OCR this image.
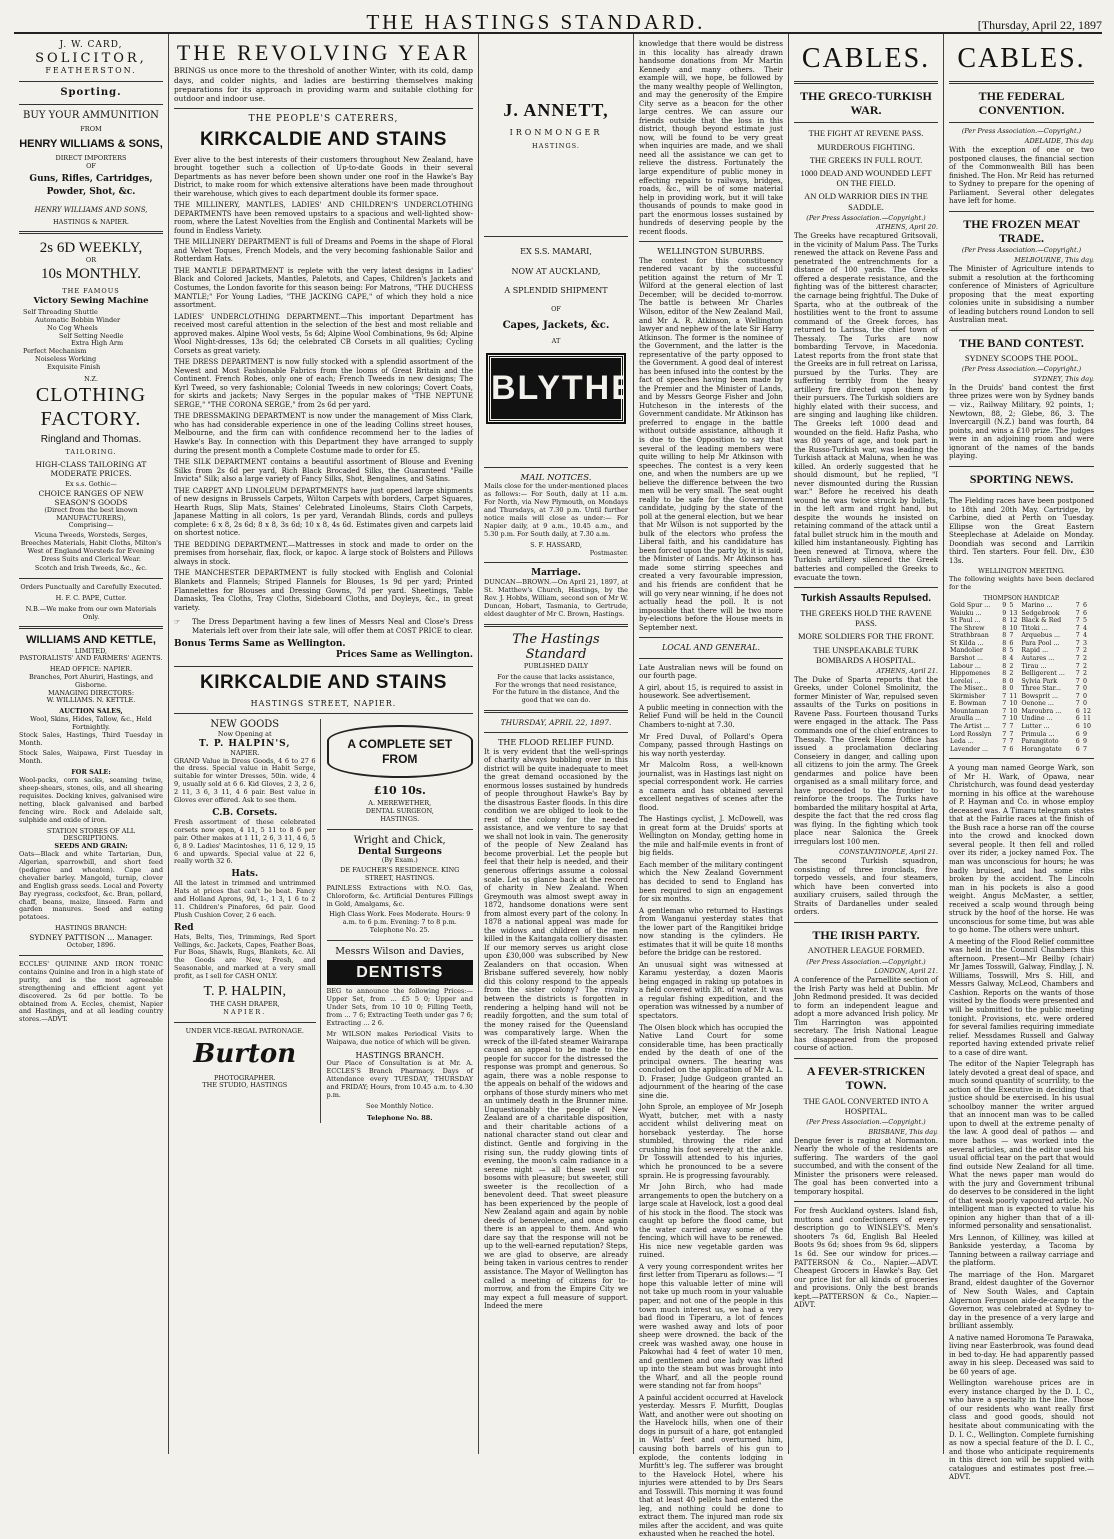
THE HASTINGS STANDARD.	[Thursday, April 22, 1897
J. W. CARD,
SOLICITOR,
FEATHERSTON.
Sporting.
BUY YOUR AMMUNITION
FROM
HENRY WILLIAMS & SONS,
DIRECT IMPORTERS
OF
Guns, Rifles, Cartridges,
Powder, Shot, &c.
HENRY WILLIAMS AND SONS,
HASTINGS & NAPIER.
2s 6D WEEKLY,
OR
10s MONTHLY.
THE FAMOUS
Victory Sewing Machine
Self Threading Shuttle
Automatic Bobbin Winder
No Cog Wheels
Self Setting Needle
Extra High Arm
Perfect Mechanism
Noiseless Working
Exquisite Finish
N.Z.
CLOTHING
FACTORY.
Ringland and Thomas.
TAILORING.
HIGH-CLASS TAILORING AT MODERATE PRICES.
Ex s.s. Gothic—
CHOICE RANGES OF NEW SEASON'S GOODS
(Direct from the best known MANUFACTURERS),
Comprising—
Vicuna Tweeds, Worsteds, Serges, Breeches Materials, Habit Cloths, Milton's West of England Worsteds for Evening Dress Suits and Clerical Wear.
Scotch and Irish Tweeds, &c., &c.
Orders Punctually and Carefully Executed.
H. F. C. PAPE, Cutter.
N.B.—We make from our own Materials Only.
WILLIAMS AND KETTLE,
LIMITED,
PASTORALISTS' AND FARMERS' AGENTS.
HEAD OFFICE: NAPIER.
Branches, Port Ahuriri, Hastings, and Gisborne.
MANAGING DIRECTORS:
W. WILLIAMS. N. KETTLE.
AUCTION SALES,
Wool, Skins, Hides, Tallow, &c., Held Fortnightly.
Stock Sales, Hastings, Third Tuesday in Month.
Stock Sales, Waipawa, First Tuesday in Month.
FOR SALE:
Wool-packs, corn sacks, seaming twine, sheep-shears, stones, oils, and all shearing requisites. Docking knives, galvanised wire netting, black galvanised and barbed fencing wire. Rock and Adelaide salt, sulphide and oxide of iron.
STATION STORES OF ALL DESCRIPTIONS.
SEEDS AND GRAIN:
Oats—Black and white Tartarian, Dun, Algerian, sparrowbill, and short feed (pedigree and wheaten). Cape and chevalier barley. Mangold, turnip, clover and English grass seeds. Local and Poverty Bay ryegrass, cocksfoot, &c. Bran, pollard, chaff, beans, maize, linseed. Farm and garden manures. Seed and eating potatoes.
HASTINGS BRANCH:
SYDNEY PATTISON ... Manager.
October, 1896.
ECCLES' QUININE AND IRON TONIC contains Quinine and Iron in a high state of purity, and is the most agreeable strengthening and efficient agent yet discovered. 2s 6d per bottle. To be obtained from A. Eccles, chemist, Napier and Hastings, and at all leading country stores.—ADVT.
THE REVOLVING YEAR
BRINGS us once more to the threshold of another Winter, with its cold, damp days, and colder nights, and ladies are bestirring themselves making preparations for its approach in providing warm and suitable clothing for outdoor and indoor use.
THE PEOPLE'S CATERERS,
KIRKCALDIE AND STAINS
Ever alive to the best interests of their customers throughout New Zealand, have brought together such a collection of Up-to-date Goods in their several Departments as has never before been shown under one roof in the Hawke's Bay District, to make room for which extensive alterations have been made throughout their warehouse, which gives to each department double its former space.
THE MILLINERY, MANTLES, LADIES' AND CHILDREN'S UNDERCLOTHING DEPARTMENTS have been removed upstairs to a spacious and well-lighted show-room, where the Latest Novelties from the English and Continental Markets will be found in Endless Variety.
THE MILLINERY DEPARTMENT is full of Dreams and Poems in the shape of Floral and Velvet Toques, French Models, and the very becoming fashionable Sailor and Rotterdam Hats.
THE MANTLE DEPARTMENT is replete with the very latest designs in Ladies' Black and Colored Jackets, Mantles, Paletots, and Capes, Children's Jackets and Costumes, the London favorite for this season being: For Matrons, "THE DUCHESS MANTLE;" For Young Ladies, "THE JACKING CAPE," of which they hold a nice assortment.
LADIES' UNDERCLOTHING DEPARTMENT.—This important Department has received most careful attention in the selection of the best and most reliable and approved makes. Alpine Wool vests, 5s 6d; Alpine Wool Combinations, 9s 6d; Alpine Wool Night-dresses, 13s 6d; the celebrated CB Corsets in all qualities; Cycling Corsets as great variety.
THE DRESS DEPARTMENT is now fully stocked with a splendid assortment of the Newest and Most Fashionable Fabrics from the looms of Great Britain and the Continent. French Robes, only one of each; French Tweeds in new designs; The Kyrl Tweed, so very fashionable; Colonial Tweeds in new colorings; Covert Coats, for skirts and jackets; Navy Serges in the popular makes of "THE NEPTUNE SERGE," "THE CORONA SERGE," from 2s 6d per yard.
THE DRESSMAKING DEPARTMENT is now under the management of Miss Clark, who has had considerable experience in one of the leading Collins street houses, Melbourne, and the firm can with confidence recommend her to the ladies of Hawke's Bay. In connection with this Department they have arranged to supply during the present month a Complete Costume made to order for £5.
THE SILK DEPARTMENT contains a beautiful assortment of Blouse and Evening Silks from 2s 6d per yard, Rich Black Brocaded Silks, the Guaranteed "Faille Invicta" Silk; also a large variety of Fancy Silks, Shot, Bengalines, and Satins.
THE CARPET AND LINOLEUM DEPARTMENTS have just opened large shipments of new designs in Brussels Carpets, Wilton Carpets with borders, Carpet Squares, Hearth Rugs, Slip Mats, Staines' Celebrated Linoleums, Stairs Cloth Carpets, Japanese Matting in all colors, 1s per yard, Verandah Blinds, cords and pulleys complete: 6 x 8, 2s 6d; 8 x 8, 3s 6d; 10 x 8, 4s 6d. Estimates given and carpets laid on shortest notice.
THE BEDDING DEPARTMENT.—Mattresses in stock and made to order on the premises from horsehair, flax, flock, or kapoc. A large stock of Bolsters and Pillows always in stock.
THE MANCHESTER DEPARTMENT is fully stocked with English and Colonial Blankets and Flannels; Striped Flannels for Blouses, 1s 9d per yard; Printed Flannelettes for Blouses and Dressing Gowns, 7d per yard. Sheetings, Table Damasks, Tea Cloths, Tray Cloths, Sideboard Cloths, and Doyleys, &c., in great variety.
☞ The Dress Department having a few lines of Messrs Neal and Close's Dress Materials left over from their late sale, will offer them at COST PRICE to clear.
Bonus Terms Same as Wellington.
Prices Same as Wellington.
KIRKCALDIE AND STAINS
HASTINGS STREET, NAPIER.
NEW GOODS
Now Opening at
T. P. HALPIN'S,
NAPIER.
GRAND Value in Dress Goods, 4 6 to 27 6 the dress. Special value in Habit Serge, suitable for winter Dresses, 50in. wide, 4 9, usually sold at 6 6. Kid Gloves, 2 3, 2 6, 2 11, 3 6, 3 11, 4 6 pair. Best value in Gloves ever offered. Ask to see them.
C.B. Corsets.
Fresh assortment of these celebrated corsets now open, 4 11, 5 11 to 8 6 per pair. Other makes at 1 11, 2 6, 3 11, 4 6, 5 6, 8 9. Ladies' Macintoshes, 11 6, 12 9, 15 6 and upwards. Special value at 22 6, really worth 32 6.
Hats.
All the latest in trimmed and untrimmed Hats at prices that can't be beat. Fancy and Holland Aprons, 9d, 1-, 1 3, 1 6 to 2 11. Children's Pinafores, 6d pair. Good Plush Cushion Cover, 2 6 each.
Red
Hats, Belts, Ties, Trimmings, Red Sport Vellings, &c. Jackets, Capes, Feather Boas, Fur Boas, Shawls, Rugs, Blankets, &c. All the Goods are New, Fresh, and Seasonable, and marked at a very small profit, as I sell for CASH ONLY.
T. P. HALPIN,
THE CASH DRAPER,
NAPIER.
UNDER VICE-REGAL PATRONAGE.
Burton
PHOTOGRAPHER.
THE STUDIO, HASTINGS
A COMPLETE SET FROM
£10 10s.
A. MEREWETHER,
DENTAL SURGEON,
HASTINGS.
Wright and Chick,
Dental Surgeons
(By Exam.)
DE FAUCHER'S RESIDENCE. KING STREET, HASTINGS.
PAINLESS Extractions with N.O. Gas, Chloroform, &c. Artificial Dentures Fillings in Gold, Amalgams, &c.
High Class Work. Fees Moderate. Hours: 9 a.m. to 6 p.m. Evening: 7 to 8 p.m. Telephone No. 25.
Messrs Wilson and Davies,
DENTISTS
BEG to announce the following Prices:— Upper Set, from ... £5 5 0; Upper and Under Sets, from 10 10 0; Filling Teeth, from ... 7 6; Extracting Teeth under gas 7 6; Extracting ... 2 6.
Mr WILSON makes Periodical Visits to Waipawa, due notice of which will be given.
HASTINGS BRANCH.
Our Place of Consultation is at Mr. A. ECCLES'S Branch Pharmacy. Days of Attendance every TUESDAY, THURSDAY and FRIDAY; Hours, from 10.45 a.m. to 4.30 p.m.
See Monthly Notice.
Telephone No. 88.
J. ANNETT,
IRONMONGER
HASTINGS.
EX S.S. MAMARI,
NOW AT AUCKLAND,
A SPLENDID SHIPMENT
OF
Capes, Jackets, &c.
AT
BLYTHES
MAIL NOTICES.
Mails close for the under-mentioned places as follows:— For South, daily at 11 a.m. For North, via New Plymouth, on Mondays and Thursdays, at 7.30 p.m. Until further notice mails will close as under:— For Napier daily, at 9 a.m., 10.45 a.m., and 5.30 p.m. For South daily, at 7.30 a.m.
S. F. HASSARD,
Postmaster.
Marriage.
DUNCAN—BROWN.—On April 21, 1897, at St. Matthew's Church, Hastings, by the Rev. J. Hobbs, William, second son of Mr W. Duncan, Hobart, Tasmania, to Gertrude, eldest daughter of Mr C. Brown, Hastings.
The Hastings Standard
PUBLISHED DAILY
For the cause that lacks assistance, For the wrongs that need resistance, For the future in the distance, And the good that we can do.
THURSDAY, APRIL 22, 1897.
THE FLOOD RELIEF FUND.
It is very evident that the well-springs of charity always bubbling over in this district will be quite inadequate to meet the great demand occasioned by the enormous losses sustained by hundreds of people throughout Hawke's Bay by the disastrous Easter floods. In this dire condition we are obliged to look to the rest of the colony for the needed assistance, and we venture to say that we shall not look in vain. The generosity of the people of New Zealand has become proverbial. Let the people but feel that their help is needed, and their generous offerings assume a colossal scale. Let us glance back at the record of charity in New Zealand. When Greymouth was almost swept away in 1872, handsome donations were sent from almost every part of the colony. In 1878 a national appeal was made for the widows and children of the men killed in the Kaitangata colliery disaster. If our memory serves us aright close upon £30,000 was subscribed by New Zealanders on that occasion. When Brisbane suffered severely, how nobly did this colony respond to the appeals from the sister colony? The rivalry between the districts is forgotten in rendering a helping hand will not be readily forgotten, and the sum total of the money raised for the Queensland was comparatively large. When the wreck of the ill-fated steamer Wairarapa caused an appeal to be made to the people for succor for the distressed the response was prompt and generous. So again, there was a noble response to the appeals on behalf of the widows and orphans of those sturdy miners who met an untimely death in the Brunner mine. Unquestionably the people of New Zealand are of a charitable disposition, and their charitable actions of a national character stand out clear and distinct. Gentle and forgiving in the rising sun, the ruddy glowing tints of evening, the moon's calm radiance in a serene night — all these swell our bosoms with pleasure; but sweeter, still sweeter is the recollection of a benevolent deed. That sweet pleasure has been experienced by the people of New Zealand again and again by noble deeds of benevolence, and once again there is an appeal to them. And who dare say that the response will not be up to the well-earned reputation? Steps, we are glad to observe, are already being taken in various centres to render assistance. The Mayor of Wellington has called a meeting of citizens for to-morrow, and from the Empire City we may expect a full measure of support. Indeed the mere
knowledge that there would be distress in this locality has already drawn handsome donations from Mr Martin Kennedy and many others. Their example will, we hope, be followed by the many wealthy people of Wellington, and may the generosity of the Empire City serve as a beacon for the other large centres. We can assure our friends outside that the loss in this district, though beyond estimate just now, will be found to be very great when inquiries are made, and we shall need all the assistance we can get to relieve the distress. Fortunately the large expenditure of public money in effecting repairs to railways, bridges, roads, &c., will be of some material help in providing work, but it will take thousands of pounds to make good in part the enormous losses sustained by hundreds of deserving people by the recent floods.
WELLINGTON SUBURBS.
The contest for this constituency rendered vacant by the successful petition against the return of Mr T. Wilford at the general election of last December, will be decided to-morrow. The battle is between Mr Charles Wilson, editor of the New Zealand Mail, and Mr A. R. Atkinson, a Wellington lawyer and nephew of the late Sir Harry Atkinson. The former is the nominee of the Government, and the latter is the representative of the party opposed to the Government. A good deal of interest has been infused into the contest by the fact of speeches having been made by the Premier and the Minister of Lands, and by Messrs George Fisher and John Hutcheson in the interests of the Government candidate. Mr Atkinson has preferred to engage in the battle without outside assistance, although it is due to the Opposition to say that several of the leading members were quite willing to help Mr Atkinson with speeches. The contest is a very keen one, and when the numbers are up we believe the difference between the two men will be very small. The seat ought really to be safe for the Government candidate, judging by the state of the poll at the general election, but we hear that Mr Wilson is not supported by the bulk of the electors who profess the Liberal faith, and his candidature has been forced upon the party by, it is said, the Minister of Lands. Mr Atkinson has made some stirring speeches and created a very favourable impression, and his friends are confident that he will go very near winning, if he does not actually head the poll. It is not impossible that there will be two more by-elections before the House meets in September next.
LOCAL AND GENERAL.
Late Australian news will be found on our fourth page.
A girl, about 15, is required to assist in housework. See advertisement.
A public meeting in connection with the Relief Fund will be held in the Council Chambers to-night at 7.30.
Mr Fred Duval, of Pollard's Opera Company, passed through Hastings on his way north yesterday.
Mr Malcolm Ross, a well-known journalist, was in Hastings last night on special correspondent work. He carries a camera and has obtained several excellent negatives of scenes after the flood.
The Hastings cyclist, J. McDowell, was in great form at the Druids' sports at Wellington on Monday, getting home in the mile and half-mile events in front of big fields.
Each member of the military contingent which the New Zealand Government has decided to send to England has been required to sign an engagement for six months.
A gentleman who returned to Hastings from Wanganui yesterday states that the lower part of the Rangitikei bridge now standing is the cylinders. He estimates that it will be quite 18 months before the bridge can be restored.
An unusual sight was witnessed at Karamu yesterday, a dozen Maoris being engaged in raking up potatoes in a field covered with 3ft. of water. It was a regular fishing expedition, and the operation was witnessed by a number of spectators.
The Olsen block which has occupied the Native Land Court for some considerable time, has been practically ended by the death of one of the principal owners. The hearing was concluded on the application of Mr A. L. D. Fraser, Judge Gudgeon granted an adjournment of the hearing of the case sine die.
John Sprole, an employee of Mr Joseph Wyatt, butcher, met with a nasty accident whilst delivering meat on horseback yesterday. The horse stumbled, throwing the rider and crushing his foot severely at the ankle. Dr Tosswill attended to his injuries, which he pronounced to be a severe sprain. He is progressing favourably.
Mr John Birch, who had made arrangements to open the butchery on a large scale at Havelock, lost a good deal of his stock in the flood. The stock was caught up before the flood came, but the water carried away some of the fencing, which will have to be renewed. His nice new vegetable garden was ruined.
A very young correspondent writes her first letter from Tiperaru as follows:— "I hope this valuable letter of mine will not take up much room in your valuable paper, and not one of the people in this town much interest us, we had a very bad flood in Tiperaru, a lot of fences were washed away and lots of poor sheep were drowned. the back of the creek was washed away, one house in Pakowhai had 4 feet of water 10 men, and gentlemen and one lady was lifted up into the steam but was brought into the Wharf, and all the people round were standing not far from hoops"
A painful accident occurred at Havelock yesterday. Messrs F. Murfitt, Douglas Watt, and another were out shooting on the Havelock hills, when one of their dogs in pursuit of a hare, got entangled in Watts' feet and overturned him, causing both barrels of his gun to explode, the contents lodging in Murfitt's leg. The sufferer was brought to the Havelock Hotel, where his injuries were attended to by Drs Sears and Tosswill. This morning it was found that at least 40 pellets had entered the leg, and nothing could be done to extract them. The injured man rode six miles after the accident, and was quite exhausted when he reached the hotel.
CABLES.
THE GRECO-TURKISH WAR.
THE FIGHT AT REVENE PASS.
MURDEROUS FIGHTING.
THE GREEKS IN FULL ROUT.
1000 DEAD AND WOUNDED LEFT ON THE FIELD.
AN OLD WARRIOR DIES IN THE SADDLE.
(Per Press Association.—Copyright.)
ATHENS, April 20.
The Greeks have recaptured Gritsovali, in the vicinity of Malum Pass. The Turks renewed the attack on Revene Pass and penetrated the entrenchments for a distance of 100 yards. The Greeks offered a desperate resistance, and the fighting was of the bitterest character, the carnage being frightful. The Duke of Sparta, who at the outbreak of the hostilities went to the front to assume command of the Greek forces, has returned to Larissa, the chief town of Thessaly. The Turks are now bombarding Tervove, in Macedonia. Latest reports from the front state that the Greeks are in full retreat on Larissa, pursued by the Turks. They are suffering terribly from the heavy artillery fire directed upon them by their pursuers. The Turkish soldiers are highly elated with their success, and are singing and laughing like children. The Greeks left 1000 dead and wounded on the field. Hafiz Pasha, who was 80 years of age, and took part in the Russo-Turkish war, was leading the Turkish attack at Maluna, when he was killed. An orderly suggested that he should dismount, but he replied, "I never dismounted during the Russian war." Before he received his death wound he was twice struck by bullets, in the left arm and right hand, but despite the wounds he insisted on retaining command of the attack until a fatal bullet struck him in the mouth and killed him instantaneously. Fighting has been renewed at Tirnova, where the Turkish artillery silenced the Greek batteries and compelled the Greeks to evacuate the town.
Turkish Assaults Repulsed.
THE GREEKS HOLD THE RAVENE PASS.
MORE SOLDIERS FOR THE FRONT.
THE UNSPEAKABLE TURK BOMBARDS A HOSPITAL.
ATHENS, April 21.
The Duke of Sparta reports that the Greeks, under Colonel Smolinitz, the former Minister of War, repulsed seven assaults of the Turks on positions in Ravene Pass. Fourteen thousand Turks were engaged in the attack. The Pass commands one of the chief entrances to Thessaly. The Greek Home Office has issued a proclamation declaring Conseiery in danger, and calling upon all citizens to join the army. The Greek gendarmes and police have been organised as a small military force, and have proceeded to the frontier to reinforce the troops. The Turks have bombarded the military hospital at Arta, despite the fact that the red cross flag was flying. In the fighting which took place near Salonica the Greek irregulars lost 100 men.
CONSTANTINOPLE, April 21.
The second Turkish squadron, consisting of three ironclads, five torpedo vessels, and four steamers, which have been converted into auxiliary cruisers, sailed through the Straits of Dardanelles under sealed orders.
THE IRISH PARTY.
ANOTHER LEAGUE FORMED.
(Per Press Association.—Copyright.)
LONDON, April 21.
A conference of the Parnellite section of the Irish Party was held at Dublin. Mr John Redmond presided. It was decided to form an independent league and adopt a more advanced Irish policy. Mr Tim Harrington was appointed secretary. The Irish National League has disappeared from the proposed course of action.
A FEVER-STRICKEN TOWN.
THE GAOL CONVERTED INTO A HOSPITAL.
(Per Press Association.—Copyright.)
BRISBANE, This day.
Dengue fever is raging at Normanton. Nearly the whole of the residents are suffering. The warders of the gaol succumbed, and with the consent of the Minister the prisoners were released. The goal has been converted into a temporary hospital.
For fresh Auckland oysters. Island fish, muttons and confectioners of every description go to WINSLEY'S. Men's shooters 7s 6d, English Bal Heeled Boots 9s 6d; shoes from 9s 6d, slippers 1s 6d. See our window for prices.—PATTERSON & Co., Napier.—ADVT. Cheapest Grocers in Hawke's Bay. Get our price list for all kinds of groceries and provisions. Only the best brands kept.—PATTERSON & Co., Napier.—ADVT.
CABLES.
THE FEDERAL CONVENTION.
(Per Press Association.—Copyright.)
ADELAIDE, This day.
With the exception of one or two postponed clauses, the financial section of the Commonwealth Bill has been finished. The Hon. Mr Reid has returned to Sydney to prepare for the opening of Parliament. Several other delegates have left for home.
THE FROZEN MEAT TRADE.
(Per Press Association.—Copyright.)
MELBOURNE, This day.
The Minister of Agriculture intends to submit a resolution at the forthcoming conference of Ministers of Agriculture proposing that the meat exporting colonies unite in subsidising a number of leading butchers round London to sell Australian meat.
THE BAND CONTEST.
SYDNEY SCOOPS THE POOL.
(Per Press Association.—Copyright.)
SYDNEY, This day.
In the Druids' band contest the first three prizes were won by Sydney bands — viz., Railway Military, 92 points, 1; Newtown, 88, 2; Glebe, 86, 3. The Invercargill (N.Z.) band was fourth, 84 points, and wins a £10 prize. The judges were in an adjoining room and were ignorant of the names of the bands playing.
SPORTING NEWS.
The Fielding races have been postponed to 18th and 20th May. Cartridge, by Carbine, died at Perth on Tuesday. Ellipse won the Great Eastern Steeplechase at Adelaide on Monday. Doondiah was second and Larrikin third. Ten starters. Four fell. Div., £30 13s.
WELLINGTON MEETING.
The following weights have been declared for the
THOMPSON HANDICAP.
Gold Spur ...	9	5	Marino ...	7	6
Waiuku ...	9	13	Sedgebrook	7	6
St Paul ...	8	12	Black & Red	7	5
The Shrew	8	10	Titoki ...	7	4
Strathbraan	8	7	Arquebus ...	7	4
St Kilda ...	8	6	Para Pool ...	7	3
Mandolier	8	5	Rapid ...	7	2
Barshot ...	8	4	Autares ...	7	2
Labour ...	8	2	Tirau ...	7	2
Hippomenes	8	2	Belligerent ...	7	2
Lorelei ...	8	0	Sylvia Park	7	0
The Miser...	8	0	Three Star...	7	0
Skirmisher	7	11	Bowsprit ...	7	0
E. Bowman	7	10	Oenone ...	7	0
Mountaman	7	10	Maroubra ...	6	12
Araulla ...	7	10	Undine ...	6	11
The Artist ...	7	7	Lutter ...	6	10
Lord Rosslyn	7	7	Primula ...	6	9
Leda ...	7	7	Parangitoto	6	9
Lavender ...	7	6	Horangatate	6	7
A young man named George Wark, son of Mr H. Wark, of Opawa, near Christchurch, was found dead yesterday morning in his office at the warehouse of P. Hayman and Co. in whose employ deceased was. A Timaru telegram states that at the Fairlie races at the finish of the Bush race a horse ran off the course into the crowd and knocked down several people. It then fell and rolled over its rider, a jockey named Fox. The man was unconscious for hours; he was badly bruised, and had some ribs broken by the accident. The Lincoln man in his pockets is also a good weight. Angus McMaster, a settler, received a scalp wound through being struck by the hoof of the horse. He was unconscious for some time, but was able to go home. The others were unhurt.
A meeting of the Flood Relief committee was held in the Council Chambers this afternoon. Present—Mr Beilby (chair) Mr James Tosswill, Galway, Findlay, J. N. Williams, Tosswill, Mrs S. Hill, and Messrs Galway, McLeod, Chambers and Cashion. Reports on the wants of those visited by the floods were presented and will be submitted to the public meeting tonight. Provisions, etc. were ordered for several families requiring immediate relief. Messdames Russell and Galway reported having extended private relief to a case of dire want.
The editor of the Napier Telegraph has lately devoted a great deal of space, and much sound quantity of scurrility, to the action of the Executive in deciding that justice should be exercised. In his usual schoolboy manner the writer argued that an innocent man was to be called upon to dwell at the extreme penalty of the law. A good deal of pathos — and more bathos — was worked into the several articles, and the editor used his usual official tear on the part that would find outside New Zealand for all time. What the news paper man would do with the jury and Government tribunal do deserves to be considered in the light of that weak poorly vapoured article. No intelligent man is expected to value his opinion any higher than that of a ill-informed personality and sensationalist.
Mrs Lennon, of Killiney, was killed at Bankside yesterday, a Tacoma by Tanning between a railway carriage and the platform.
The marriage of the Hon. Margaret Brand, eldest daughter of the Governor of New South Wales, and Captain Algernon Ferguson aide-de-camp to the Governor, was celebrated at Sydney to-day in the presence of a very large and brilliant assembly.
A native named Horomona Te Parawaka, living near Easterbrook, was found dead in bed to-day. He had apparently passed away in his sleep. Deceased was said to be 60 years of age.
Wellington warehouse prices are in every instance charged by the D. I. C., who have a specialty in the line. Those of our residents who want really first class and good goods, should not hesitate about communicating with the D. I. C., Wellington. Complete furnishing as now a special feature of the D. I. C., and those who anticipate requirements in this direct ion will be supplied with catalogues and estimates post free.—ADVT.
